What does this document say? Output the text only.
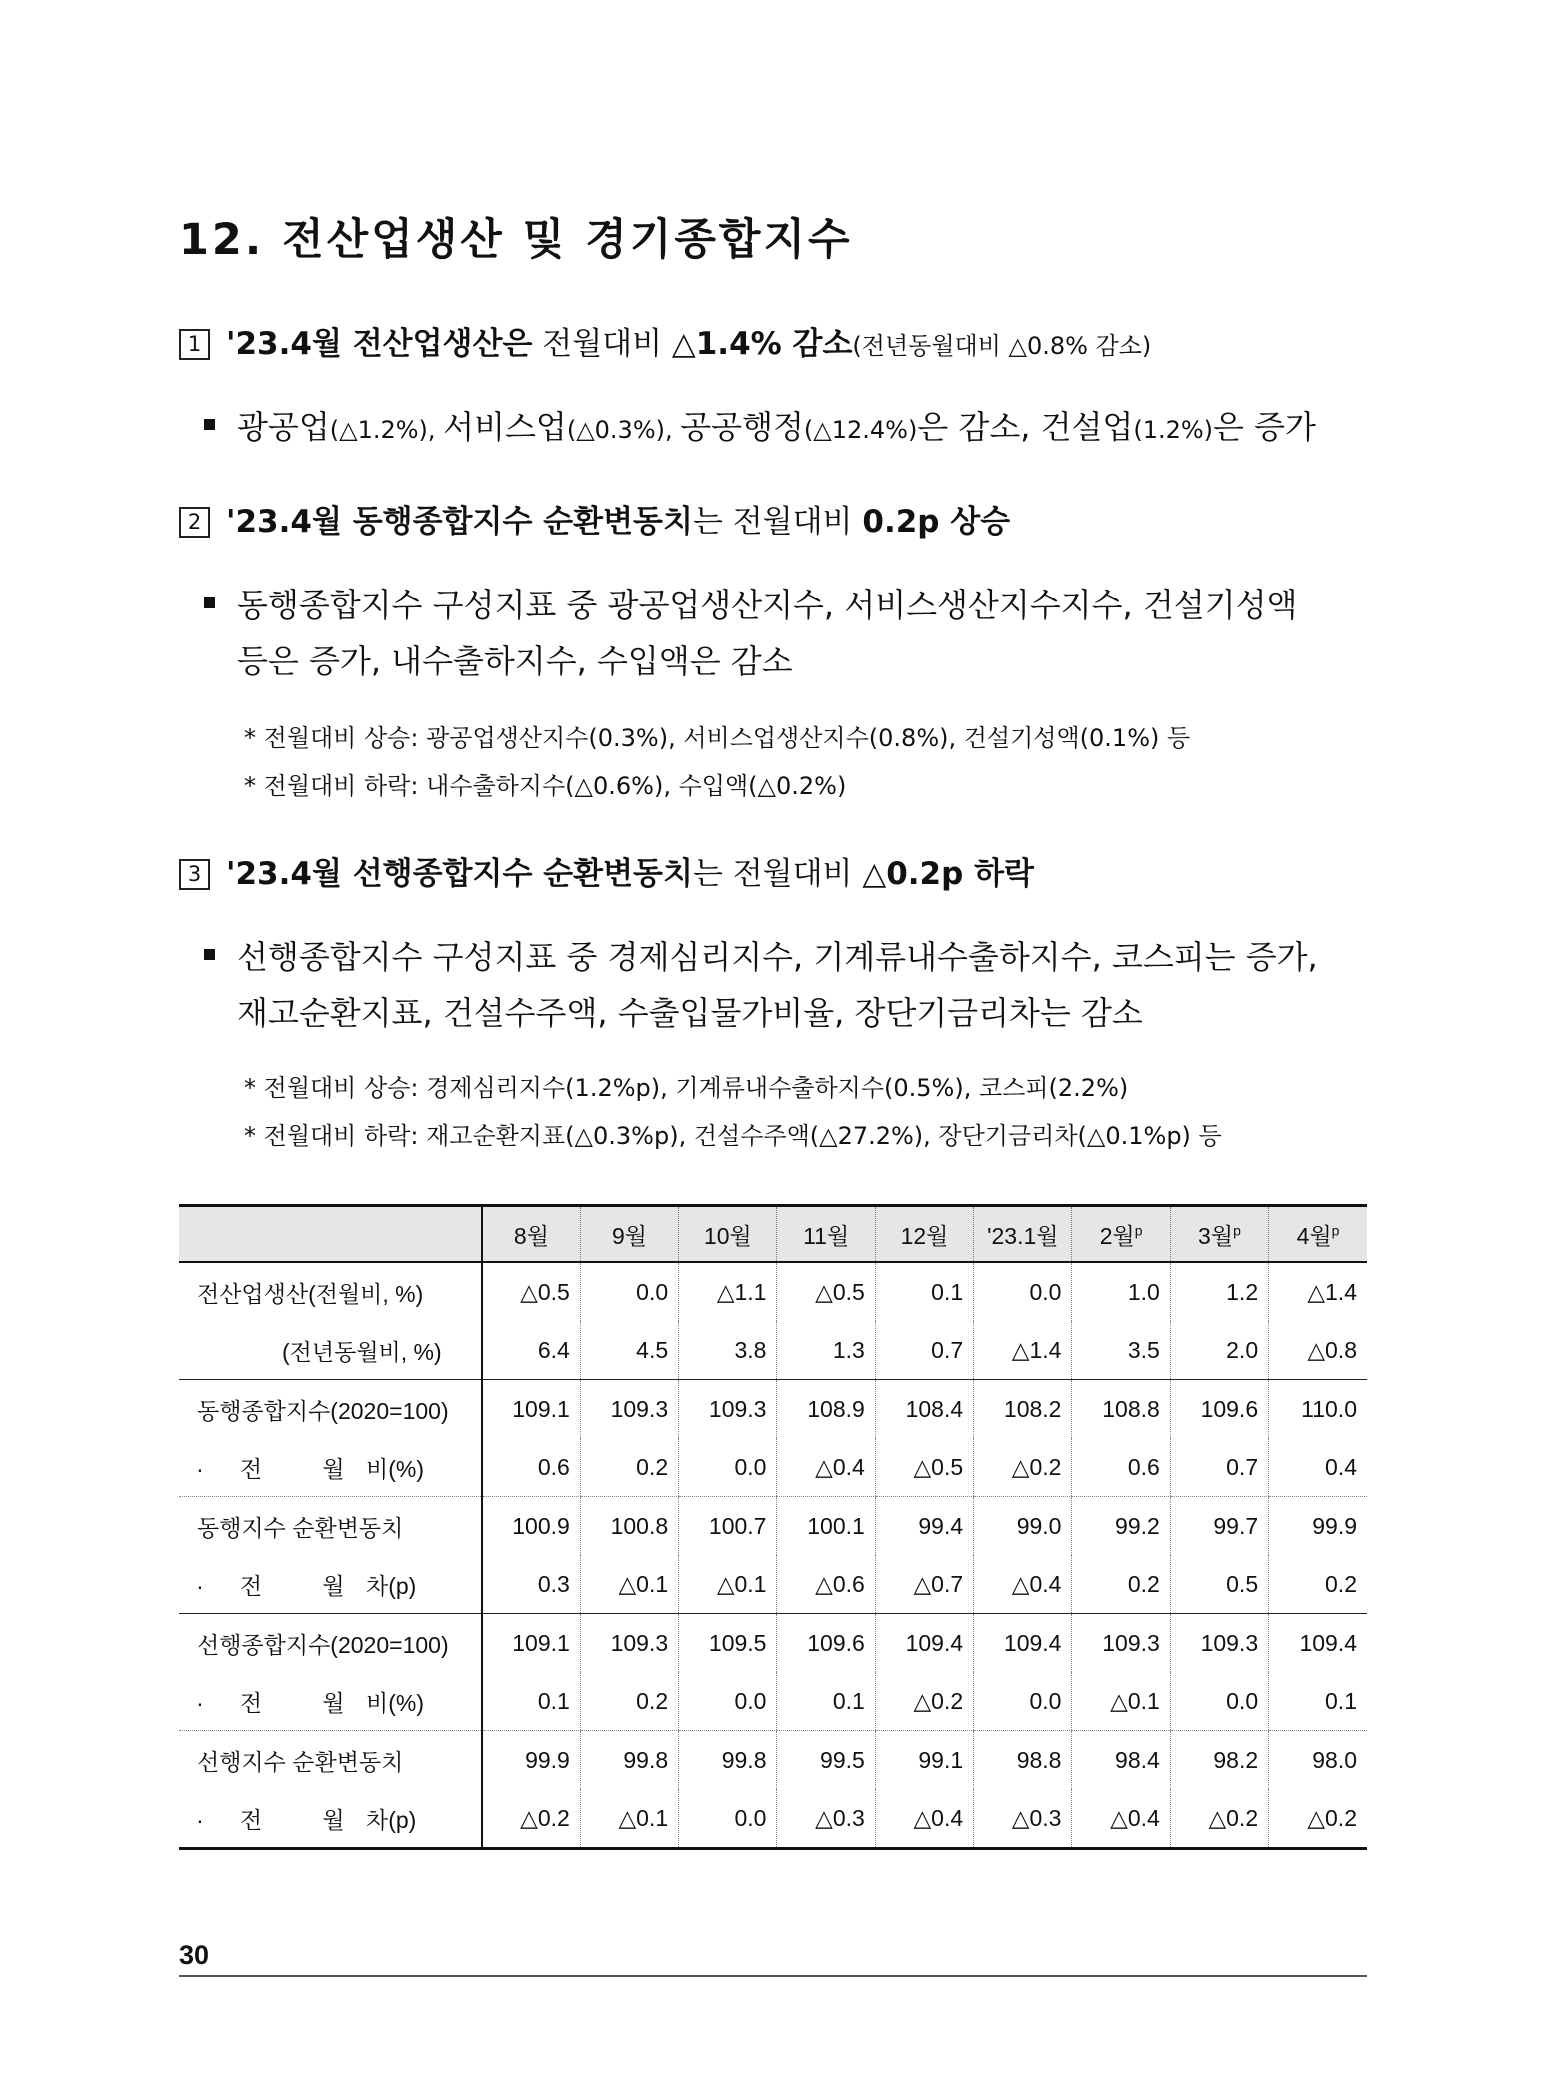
12. 전산업생산 및 경기종합지수
1 '23.4월 전산업생산은 전월대비 △1.4% 감소(전년동월대비 △0.8% 감소)
광공업(△1.2%), 서비스업(△0.3%), 공공행정(△12.4%)은 감소, 건설업(1.2%)은 증가
2 '23.4월 동행종합지수 순환변동치는 전월대비 0.2p 상승
동행종합지수 구성지표 중 광공업생산지수, 서비스생산지수지수, 건설기성액
등은 증가, 내수출하지수, 수입액은 감소
* 전월대비 상승: 광공업생산지수(0.3%), 서비스업생산지수(0.8%), 건설기성액(0.1%) 등
* 전월대비 하락: 내수출하지수(△0.6%), 수입액(△0.2%)
3 '23.4월 선행종합지수 순환변동치는 전월대비 △0.2p 하락
선행종합지수 구성지표 중 경제심리지수, 기계류내수출하지수, 코스피는 증가,
재고순환지표, 건설수주액, 수출입물가비율, 장단기금리차는 감소
* 전월대비 상승: 경제심리지수(1.2%p), 기계류내수출하지수(0.5%), 코스피(2.2%)
* 전월대비 하락: 재고순환지표(△0.3%p), 건설수주액(△27.2%), 장단기금리차(△0.1%p) 등
	8월	9월	10월	11월	12월	'23.1월	2월$^p$	3월$^p$	4월$^p$
전산업생산(전월비, %)	△0.5	0.0	△1.1	△0.5	0.1	0.0	1.0	1.2	△1.4
(전년동월비, %)	6.4	4.5	3.8	1.3	0.7	△1.4	3.5	2.0	△0.8
동행종합지수(2020=100)	109.1	109.3	109.3	108.9	108.4	108.2	108.8	109.6	110.0
· 전 월 비(%)	0.6	0.2	0.0	△0.4	△0.5	△0.2	0.6	0.7	0.4
동행지수 순환변동치	100.9	100.8	100.7	100.1	99.4	99.0	99.2	99.7	99.9
· 전 월 차(p)	0.3	△0.1	△0.1	△0.6	△0.7	△0.4	0.2	0.5	0.2
선행종합지수(2020=100)	109.1	109.3	109.5	109.6	109.4	109.4	109.3	109.3	109.4
· 전 월 비(%)	0.1	0.2	0.0	0.1	△0.2	0.0	△0.1	0.0	0.1
선행지수 순환변동치	99.9	99.8	99.8	99.5	99.1	98.8	98.4	98.2	98.0
· 전 월 차(p)	△0.2	△0.1	0.0	△0.3	△0.4	△0.3	△0.4	△0.2	△0.2
30
